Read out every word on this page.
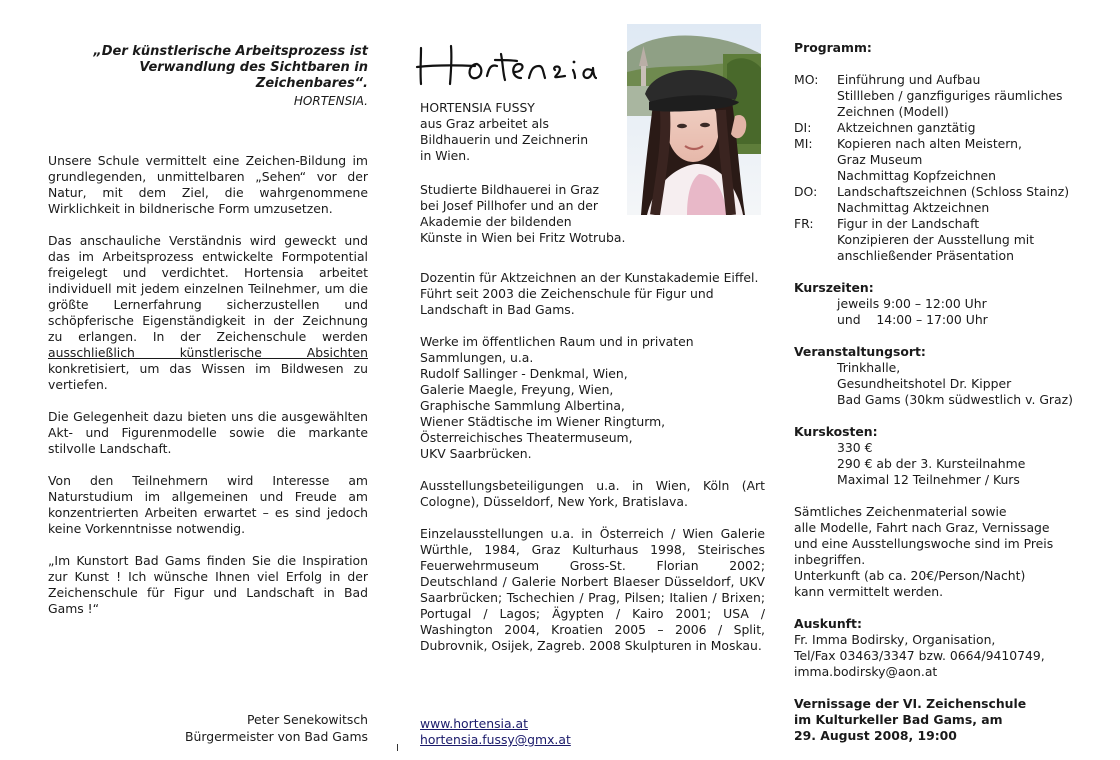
„Der künstlerische Arbeitsprozess ist
Verwandlung des Sichtbaren in
Zeichenbares“.
HORTENSIA.

Unsere Schule vermittelt eine Zeichen-Bildung im grundlegenden, unmittelbaren „Sehen“ vor der Natur, mit dem Ziel, die wahrgenommene Wirklichkeit in bildnerische Form umzusetzen.

Das anschauliche Verständnis wird geweckt und das im Arbeitsprozess entwickelte Formpotential freigelegt und verdichtet. Hortensia arbeitet individuell mit jedem einzelnen Teilnehmer, um die größte Lernerfahrung sicherzustellen und schöpferische Eigenständigkeit in der Zeichnung zu erlangen. In der Zeichenschule werden ausschließlich künstlerische Absichten konkretisiert, um das Wissen im Bildwesen zu vertiefen.

Die Gelegenheit dazu bieten uns die ausgewählten Akt- und Figurenmodelle sowie die markante stilvolle Landschaft.

Von den Teilnehmern wird Interesse am Naturstudium im allgemeinen und Freude am konzentrierten Arbeiten erwartet – es sind jedoch keine Vorkenntnisse notwendig.

„Im Kunstort Bad Gams finden Sie die Inspiration zur Kunst ! Ich wünsche Ihnen viel Erfolg in der Zeichenschule für Figur und Landschaft in Bad Gams !“

Peter Senekowitsch
Bürgermeister von Bad Gams
HORTENSIA FUSSY
aus Graz arbeitet als
Bildhauerin und Zeichnerin
in Wien.
Studierte Bildhauerei in Graz
bei Josef Pillhofer und an der
Akademie der bildenden
Künste in Wien bei Fritz Wotruba.

Dozentin für Aktzeichnen an der Kunstakademie Eiffel. Führt seit 2003 die Zeichenschule für Figur und Landschaft in Bad Gams.

Werke im öffentlichen Raum und in privaten
Sammlungen, u.a.
Rudolf Sallinger - Denkmal, Wien,
Galerie Maegle, Freyung, Wien,
Graphische Sammlung Albertina,
Wiener Städtische im Wiener Ringturm,
Österreichisches Theatermuseum,
UKV Saarbrücken.

Ausstellungsbeteiligungen u.a. in Wien, Köln (Art Cologne), Düsseldorf, New York, Bratislava.

Einzelausstellungen u.a. in Österreich / Wien Galerie Würthle, 1984, Graz Kulturhaus 1998, Steirisches Feuerwehrmuseum Gross-St. Florian 2002; Deutschland / Galerie Norbert Blaeser Düsseldorf, UKV Saarbrücken; Tschechien / Prag, Pilsen; Italien / Brixen; Portugal / Lagos; Ägypten / Kairo 2001; USA / Washington 2004, Kroatien 2005 – 2006 / Split, Dubrovnik, Osijek, Zagreb. 2008 Skulpturen in Moskau.

www.hortensia.at
hortensia.fussy@gmx.at
Programm:
MO:	Einführung und Aufbau
Stillleben / ganzfiguriges räumliches
Zeichnen (Modell)
DI:	Aktzeichnen ganztätig
MI:	Kopieren nach alten Meistern,
Graz Museum
Nachmittag Kopfzeichnen
DO:	Landschaftszeichnen (Schloss Stainz)
Nachmittag Aktzeichnen
FR:	Figur in der Landschaft
Konzipieren der Ausstellung mit
anschließender Präsentation
Kurszeiten:
jeweils 9:00 – 12:00 Uhr
und    14:00 – 17:00 Uhr
Veranstaltungsort:
Trinkhalle,
Gesundheitshotel Dr. Kipper
Bad Gams (30km südwestlich v. Graz)
Kurskosten:
330 €
290 € ab der 3. Kursteilnahme
Maximal 12 Teilnehmer / Kurs
Sämtliches Zeichenmaterial sowie
alle Modelle, Fahrt nach Graz, Vernissage
und eine Ausstellungswoche sind im Preis
inbegriffen.
Unterkunft (ab ca. 20€/Person/Nacht)
kann vermittelt werden.
Auskunft:
Fr. Imma Bodirsky, Organisation,
Tel/Fax 03463/3347 bzw. 0664/9410749,
imma.bodirsky@aon.at
Vernissage der VI. Zeichenschule
im Kulturkeller Bad Gams, am
29. August 2008, 19:00
